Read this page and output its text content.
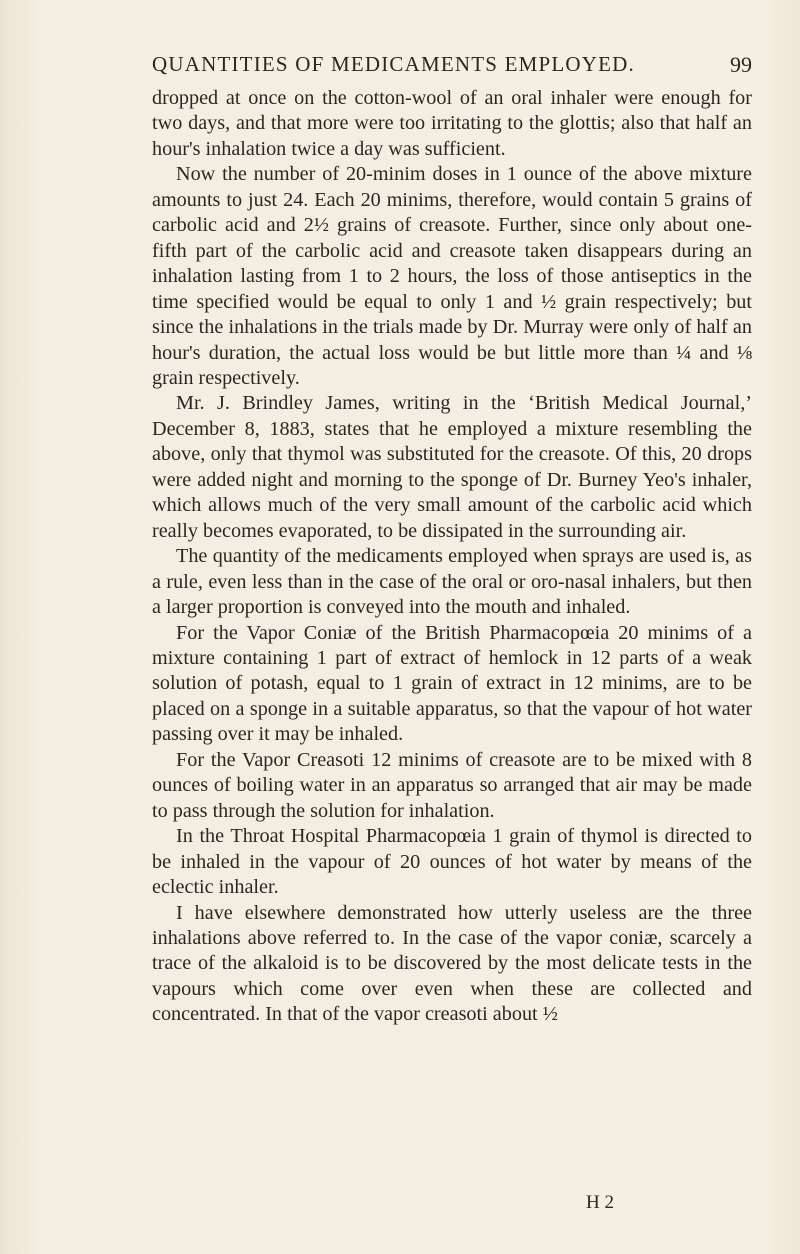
QUANTITIES OF MEDICAMENTS EMPLOYED.	99

dropped at once on the cotton-wool of an oral inhaler were enough for two days, and that more were too irritating to the glottis; also that half an hour's inhalation twice a day was sufficient.

Now the number of 20-minim doses in 1 ounce of the above mixture amounts to just 24. Each 20 minims, therefore, would contain 5 grains of carbolic acid and 2½ grains of creasote. Further, since only about one-fifth part of the carbolic acid and creasote taken disappears during an inhalation lasting from 1 to 2 hours, the loss of those antiseptics in the time specified would be equal to only 1 and ½ grain respectively; but since the inhalations in the trials made by Dr. Murray were only of half an hour's duration, the actual loss would be but little more than ¼ and ⅛ grain respectively.

Mr. J. Brindley James, writing in the ‘British Medical Journal,’ December 8, 1883, states that he employed a mixture resembling the above, only that thymol was substituted for the creasote. Of this, 20 drops were added night and morning to the sponge of Dr. Burney Yeo's inhaler, which allows much of the very small amount of the carbolic acid which really becomes evaporated, to be dissipated in the surrounding air.

The quantity of the medicaments employed when sprays are used is, as a rule, even less than in the case of the oral or oro-nasal inhalers, but then a larger proportion is conveyed into the mouth and inhaled.

For the Vapor Coniæ of the British Pharmacopœia 20 minims of a mixture containing 1 part of extract of hemlock in 12 parts of a weak solution of potash, equal to 1 grain of extract in 12 minims, are to be placed on a sponge in a suitable apparatus, so that the vapour of hot water passing over it may be inhaled.

For the Vapor Creasoti 12 minims of creasote are to be mixed with 8 ounces of boiling water in an apparatus so arranged that air may be made to pass through the solution for inhalation.

In the Throat Hospital Pharmacopœia 1 grain of thymol is directed to be inhaled in the vapour of 20 ounces of hot water by means of the eclectic inhaler.

I have elsewhere demonstrated how utterly useless are the three inhalations above referred to. In the case of the vapor coniæ, scarcely a trace of the alkaloid is to be discovered by the most delicate tests in the vapours which come over even when these are collected and concentrated. In that of the vapor creasoti about ½

H 2
